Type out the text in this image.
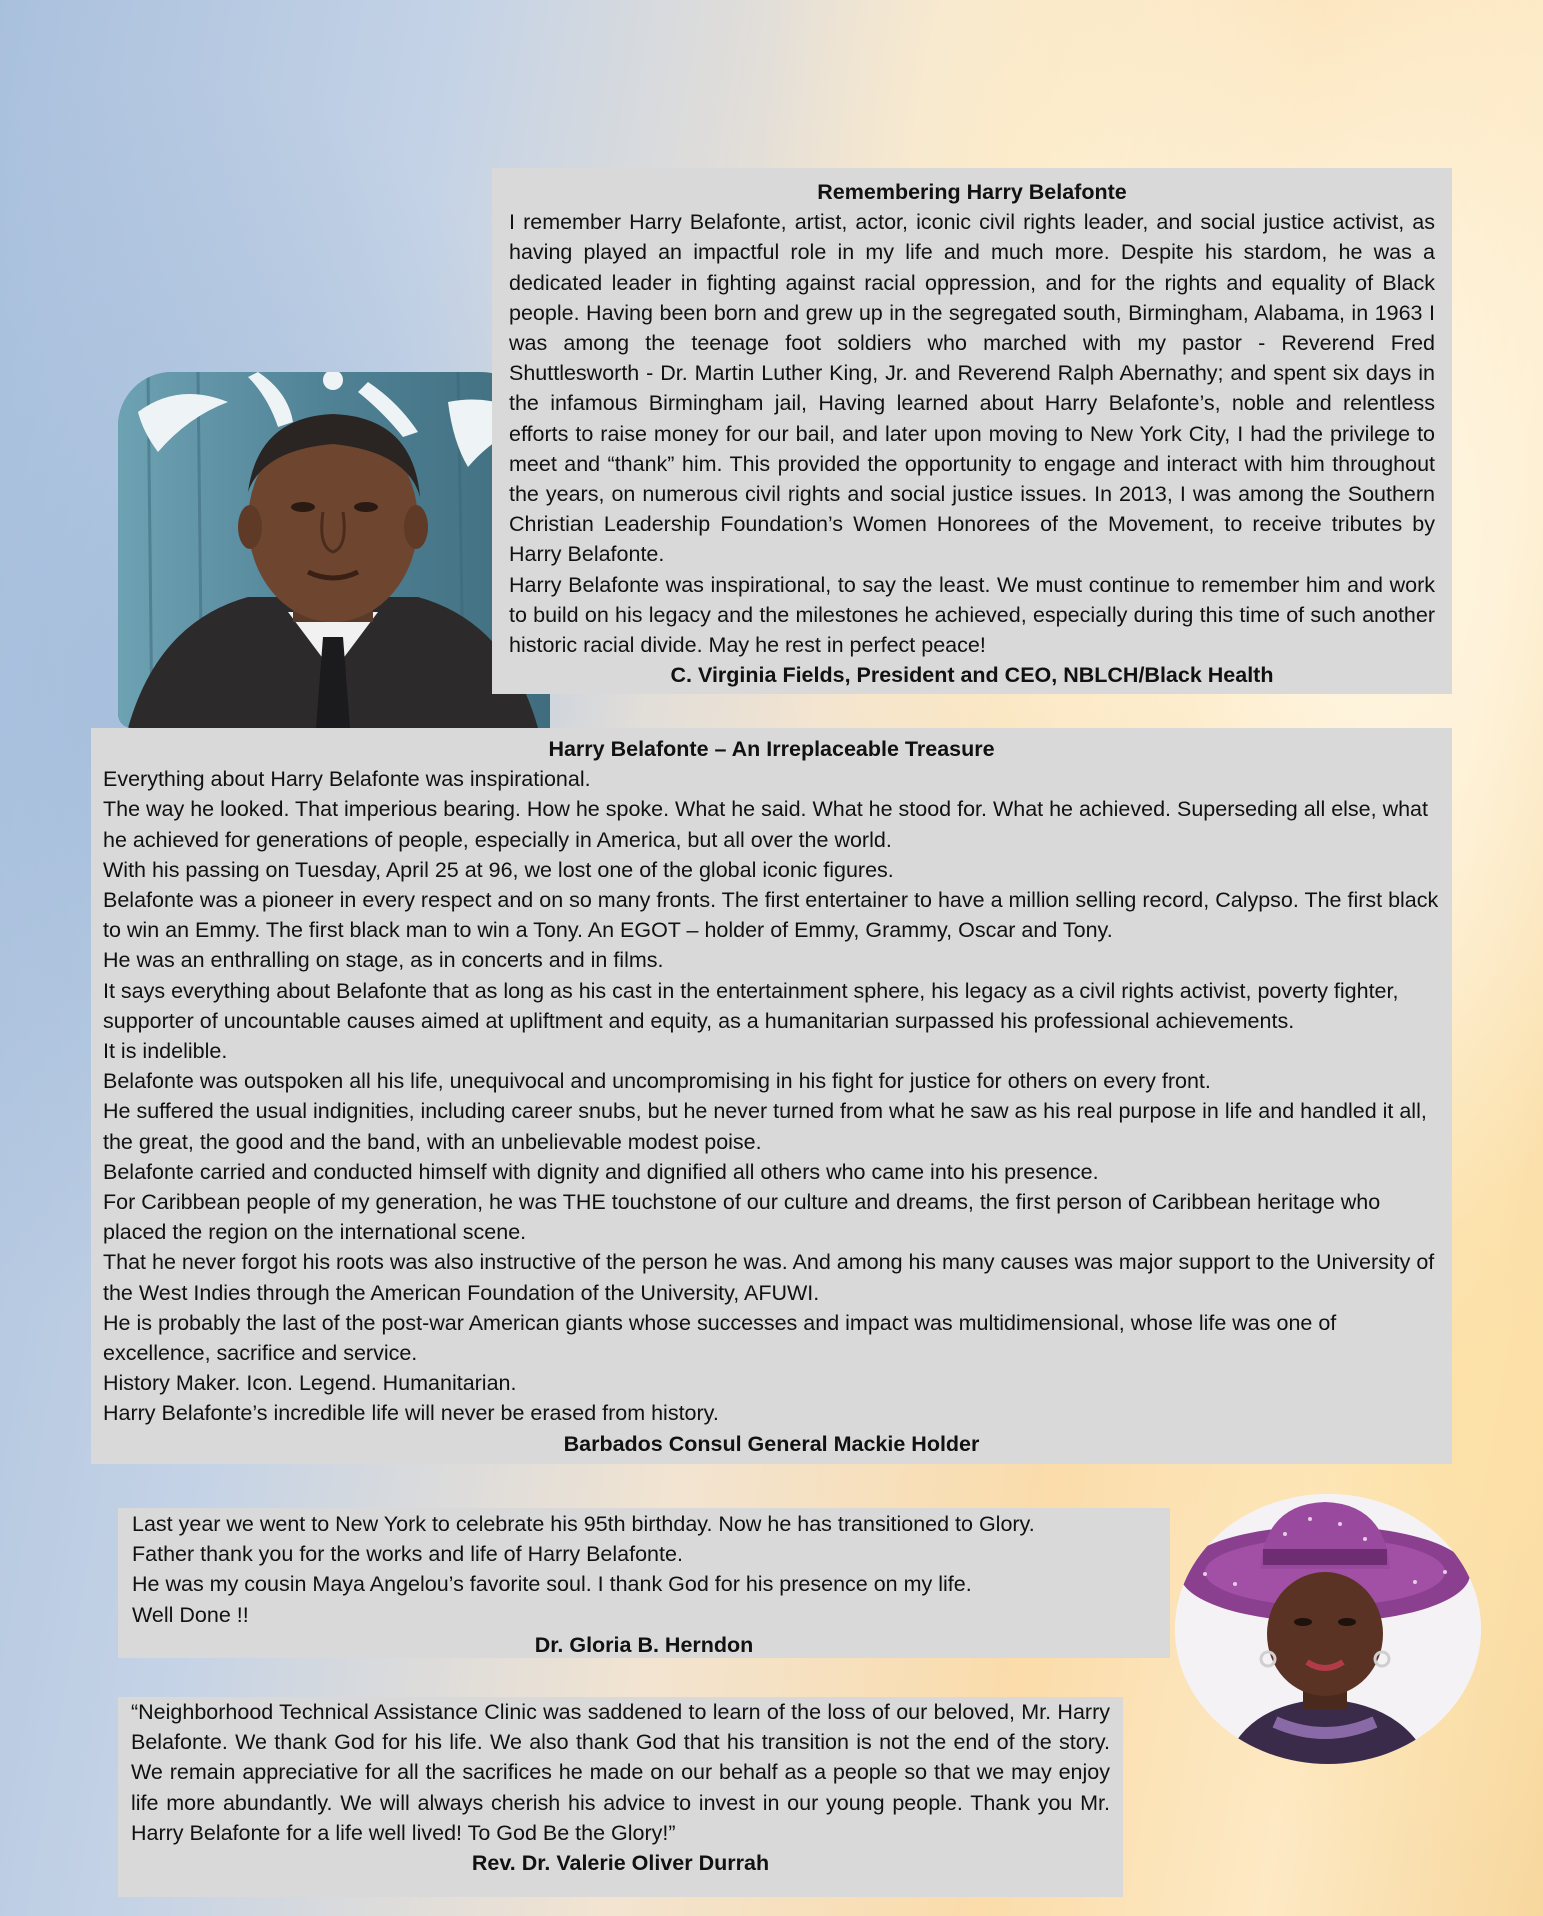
Remembering Harry Belafonte

I remember Harry Belafonte, artist, actor, iconic civil rights leader, and social justice activist, as having played an impactful role in my life and much more. Despite his stardom, he was a dedicated leader in fighting against racial oppression, and for the rights and equality of Black people. Having been born and grew up in the segregated south, Birmingham, Alabama, in 1963 I was among the teenage foot soldiers who marched with my pastor - Reverend Fred Shuttlesworth - Dr. Martin Luther King, Jr. and Reverend Ralph Abernathy; and spent six days in the infamous Birmingham jail, Having learned about Harry Belafonte’s, noble and relentless efforts to raise money for our bail, and later upon moving to New York City, I had the privilege to meet and “thank” him. This provided the opportunity to engage and interact with him throughout the years, on numerous civil rights and social justice issues. In 2013, I was among the Southern Christian Leadership Foundation’s Women Honorees of the Movement, to receive tributes by Harry Belafonte.

Harry Belafonte was inspirational, to say the least. We must continue to remember him and work to build on his legacy and the milestones he achieved, especially during this time of such another historic racial divide. May he rest in perfect peace!

C. Virginia Fields, President and CEO, NBLCH/Black Health

Harry Belafonte – An Irreplaceable Treasure

Everything about Harry Belafonte was inspirational.

The way he looked. That imperious bearing. How he spoke. What he said. What he stood for. What he achieved. Superseding all else, what he achieved for generations of people, especially in America, but all over the world.

With his passing on Tuesday, April 25 at 96, we lost one of the global iconic figures.

Belafonte was a pioneer in every respect and on so many fronts. The first entertainer to have a million selling record, Calypso. The first black to win an Emmy. The first black man to win a Tony. An EGOT – holder of Emmy, Grammy, Oscar and Tony.

He was an enthralling on stage, as in concerts and in films.

It says everything about Belafonte that as long as his cast in the entertainment sphere, his legacy as a civil rights activist, poverty fighter, supporter of uncountable causes aimed at upliftment and equity, as a humanitarian surpassed his professional achievements.

It is indelible.

Belafonte was outspoken all his life, unequivocal and uncompromising in his fight for justice for others on every front.

He suffered the usual indignities, including career snubs, but he never turned from what he saw as his real purpose in life and handled it all, the great, the good and the band, with an unbelievable modest poise.

Belafonte carried and conducted himself with dignity and dignified all others who came into his presence.

For Caribbean people of my generation, he was THE touchstone of our culture and dreams, the first person of Caribbean heritage who placed the region on the international scene.

That he never forgot his roots was also instructive of the person he was. And among his many causes was major support to the University of the West Indies through the American Foundation of the University, AFUWI.

He is probably the last of the post-war American giants whose successes and impact was multidimensional, whose life was one of excellence, sacrifice and service.

History Maker. Icon. Legend. Humanitarian.

Harry Belafonte’s incredible life will never be erased from history.

Barbados Consul General Mackie Holder

Last year we went to New York to celebrate his 95th birthday. Now he has transitioned to Glory.

Father thank you for the works and life of Harry Belafonte.

He was my cousin Maya Angelou’s favorite soul. I thank God for his presence on my life.

Well Done !!

Dr. Gloria B. Herndon

“Neighborhood Technical Assistance Clinic was saddened to learn of the loss of our beloved, Mr. Harry Belafonte. We thank God for his life. We also thank God that his transition is not the end of the story. We remain appreciative for all the sacrifices he made on our behalf as a people so that we may enjoy life more abundantly. We will always cherish his advice to invest in our young people. Thank you Mr. Harry Belafonte for a life well lived! To God Be the Glory!”

Rev. Dr. Valerie Oliver Durrah
